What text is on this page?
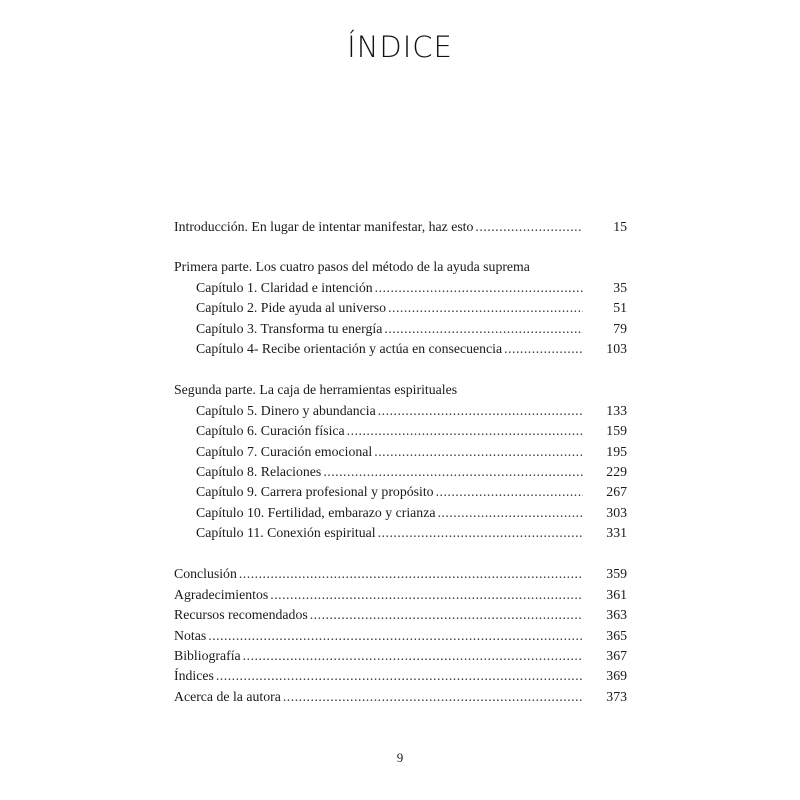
ÍNDICE
Introducción. En lugar de intentar manifestar, haz esto .....	15
Primera parte. Los cuatro pasos del método de la ayuda suprema
Capítulo 1. Claridad e intención .....	35
Capítulo 2. Pide ayuda al universo .....	51
Capítulo 3. Transforma tu energía .....	79
Capítulo 4- Recibe orientación y actúa en consecuencia .....	103
Segunda parte. La caja de herramientas espirituales
Capítulo 5. Dinero y abundancia .....	133
Capítulo 6. Curación física .....	159
Capítulo 7. Curación emocional .....	195
Capítulo 8. Relaciones .....	229
Capítulo 9. Carrera profesional y propósito .....	267
Capítulo 10. Fertilidad, embarazo y crianza .....	303
Capítulo 11. Conexión espiritual .....	331
Conclusión .....	359
Agradecimientos .....	361
Recursos recomendados .....	363
Notas .....	365
Bibliografía .....	367
Índices .....	369
Acerca de la autora .....	373
9
